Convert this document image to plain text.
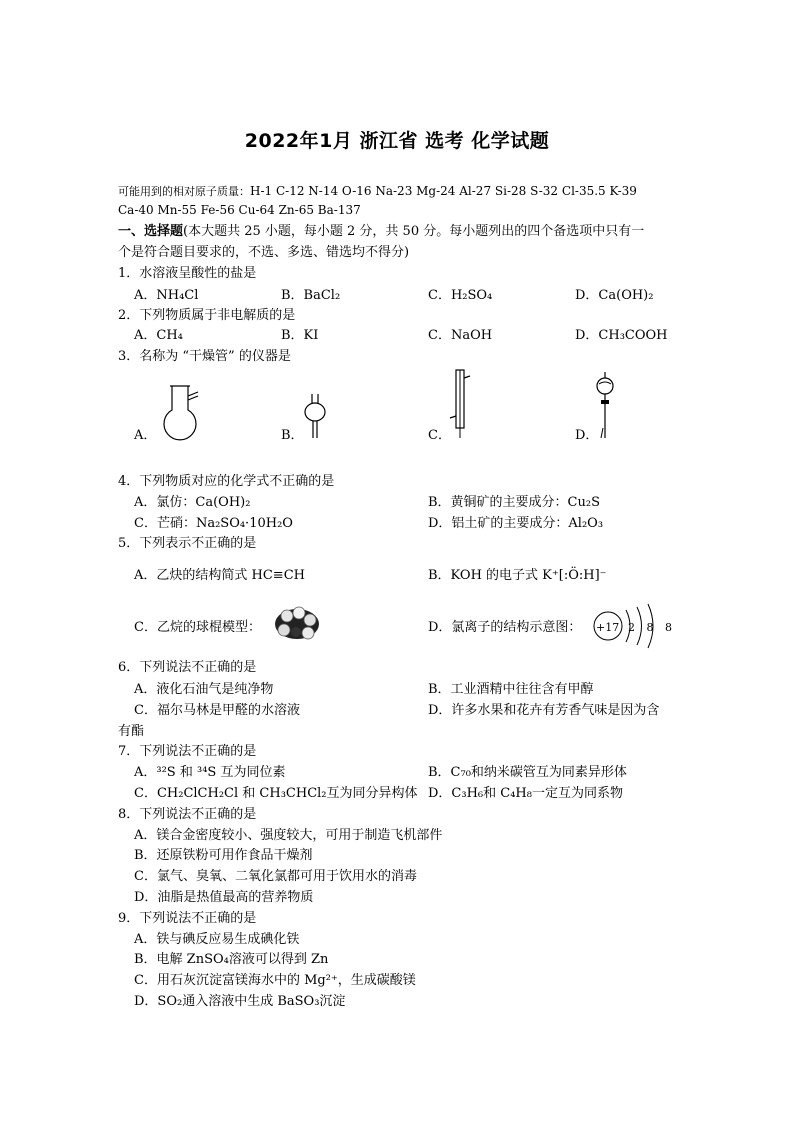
2022年1月 浙江省 选考 化学试题
可能用到的相对原子质量：H-1 C-12 N-14 O-16 Na-23 Mg-24 Al-27 Si-28 S-32 Cl-35.5 K-39
Ca-40 Mn-55 Fe-56 Cu-64 Zn-65 Ba-137
一、选择题(本大题共 25 小题，每小题 2 分，共 50 分。每小题列出的四个备选项中只有一
个是符合题目要求的，不选、多选、错选均不得分)
1．水溶液呈酸性的盐是
A．NH₄Cl	B．BaCl₂	C．H₂SO₄	D．Ca(OH)₂
2．下列物质属于非电解质的是
A．CH₄	B．KI	C．NaOH	D．CH₃COOH
3．名称为 “干燥管” 的仪器是
A．	B．	C．	D．
4．下列物质对应的化学式不正确的是
A．氯仿：Ca(OH)₂	B．黄铜矿的主要成分：Cu₂S
C．芒硝：Na₂SO₄·10H₂O	D．铝土矿的主要成分：Al₂O₃
5．下列表示不正确的是
A．乙炔的结构简式 HC≡CH	B．KOH 的电子式 K⁺[:Ö:H]⁻
C．乙烷的球棍模型：	D．氯离子的结构示意图： +17 2 8 8
6．下列说法不正确的是
A．液化石油气是纯净物	B．工业酒精中往往含有甲醇
C．福尔马林是甲醛的水溶液	D．许多水果和花卉有芳香气味是因为含
有酯
7．下列说法不正确的是
A．³²S 和 ³⁴S 互为同位素	B．C₇₀和纳米碳管互为同素异形体
C．CH₂ClCH₂Cl 和 CH₃CHCl₂互为同分异构体 D．C₃H₆和 C₄H₈一定互为同系物
8．下列说法不正确的是
A．镁合金密度较小、强度较大，可用于制造飞机部件
B．还原铁粉可用作食品干燥剂
C．氯气、臭氧、二氧化氯都可用于饮用水的消毒
D．油脂是热值最高的营养物质
9．下列说法不正确的是
A．铁与碘反应易生成碘化铁
B．电解 ZnSO₄溶液可以得到 Zn
C．用石灰沉淀富镁海水中的 Mg²⁺，生成碳酸镁
D．SO₂通入溶液中生成 BaSO₃沉淀
